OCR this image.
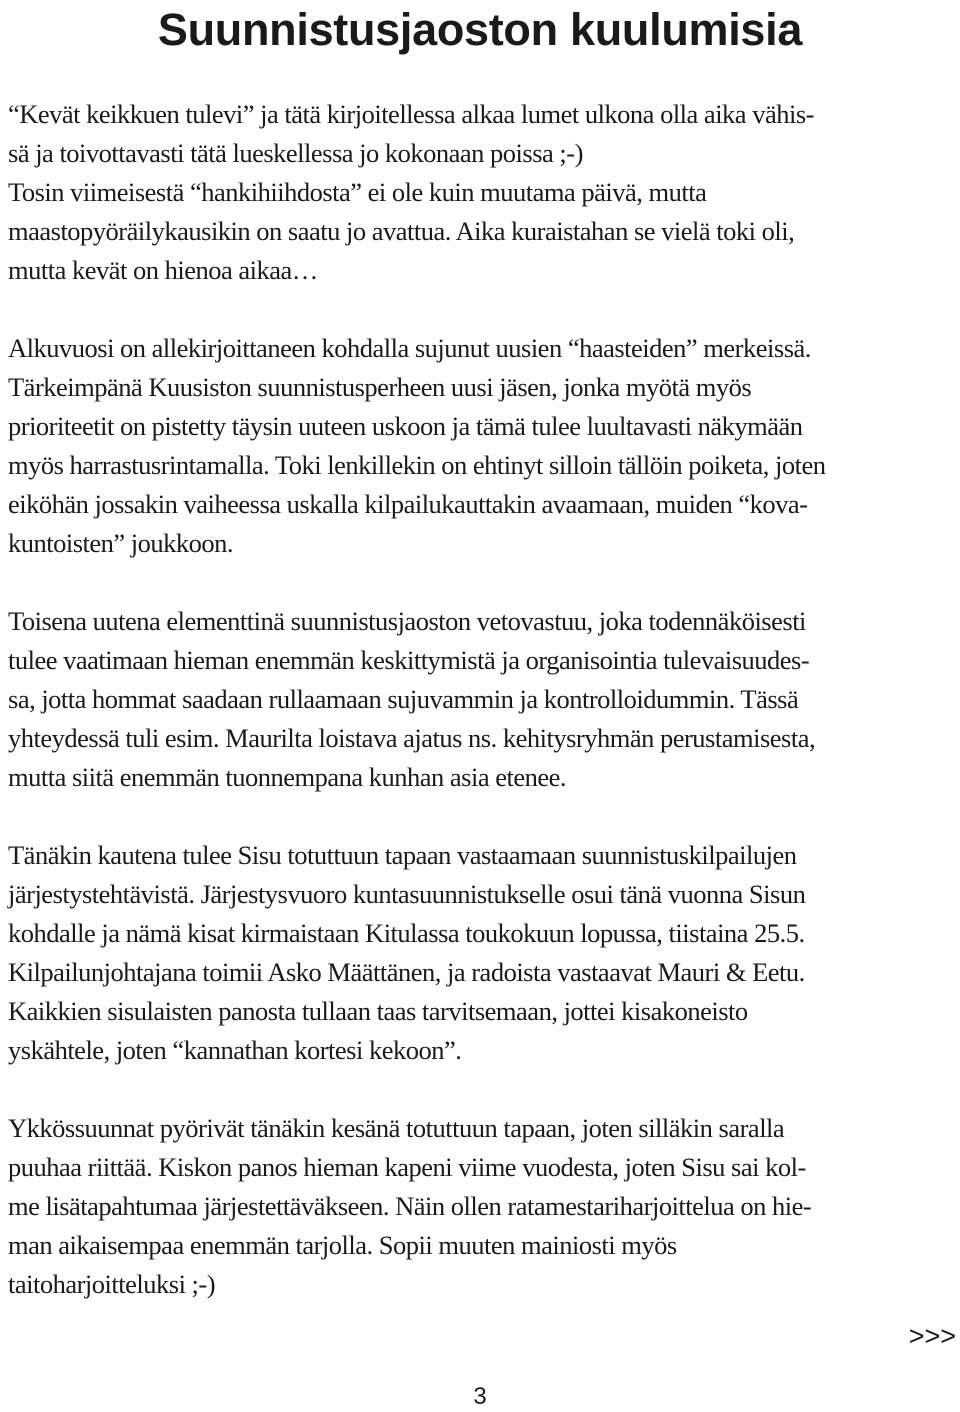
Suunnistusjaoston kuulumisia

“Kevät keikkuen tulevi” ja tätä kirjoitellessa alkaa lumet ulkona olla aika vähis-
sä ja toivottavasti tätä lueskellessa jo kokonaan poissa ;-)
Tosin viimeisestä “hankihiihdosta” ei ole kuin muutama päivä, mutta
maastopyöräilykausikin on saatu jo avattua. Aika kuraistahan se vielä toki oli,
mutta kevät on hienoa aikaa…

Alkuvuosi on allekirjoittaneen kohdalla sujunut uusien “haasteiden” merkeissä.
Tärkeimpänä Kuusiston suunnistusperheen uusi jäsen, jonka myötä myös
prioriteetit on pistetty täysin uuteen uskoon ja tämä tulee luultavasti näkymään
myös harrastusrintamalla. Toki lenkillekin on ehtinyt silloin tällöin poiketa, joten
eiköhän jossakin vaiheessa uskalla kilpailukauttakin avaamaan, muiden “kova-
kuntoisten” joukkoon.

Toisena uutena elementtinä suunnistusjaoston vetovastuu, joka todennäköisesti
tulee vaatimaan hieman enemmän keskittymistä ja organisointia tulevaisuudes-
sa, jotta hommat saadaan rullaamaan sujuvammin ja kontrolloidummin. Tässä
yhteydessä tuli esim. Maurilta loistava ajatus ns. kehitysryhmän perustamisesta,
mutta siitä enemmän tuonnempana kunhan asia etenee.

Tänäkin kautena tulee Sisu totuttuun tapaan vastaamaan suunnistuskilpailujen
järjestystehtävistä. Järjestysvuoro kuntasuunnistukselle osui tänä vuonna Sisun
kohdalle ja nämä kisat kirmaistaan Kitulassa toukokuun lopussa, tiistaina 25.5.
Kilpailunjohtajana toimii Asko Määttänen, ja radoista vastaavat Mauri & Eetu.
Kaikkien sisulaisten panosta tullaan taas tarvitsemaan, jottei kisakoneisto
yskähtele, joten “kannathan kortesi kekoon”.

Ykkössuunnat pyörivät tänäkin kesänä totuttuun tapaan, joten silläkin saralla
puuhaa riittää. Kiskon panos hieman kapeni viime vuodesta, joten Sisu sai kol-
me lisätapahtumaa järjestettäväkseen. Näin ollen ratamestariharjoittelua on hie-
man aikaisempaa enemmän tarjolla. Sopii muuten mainiosti myös
taitoharjoitteluksi ;-)

>>>
3
